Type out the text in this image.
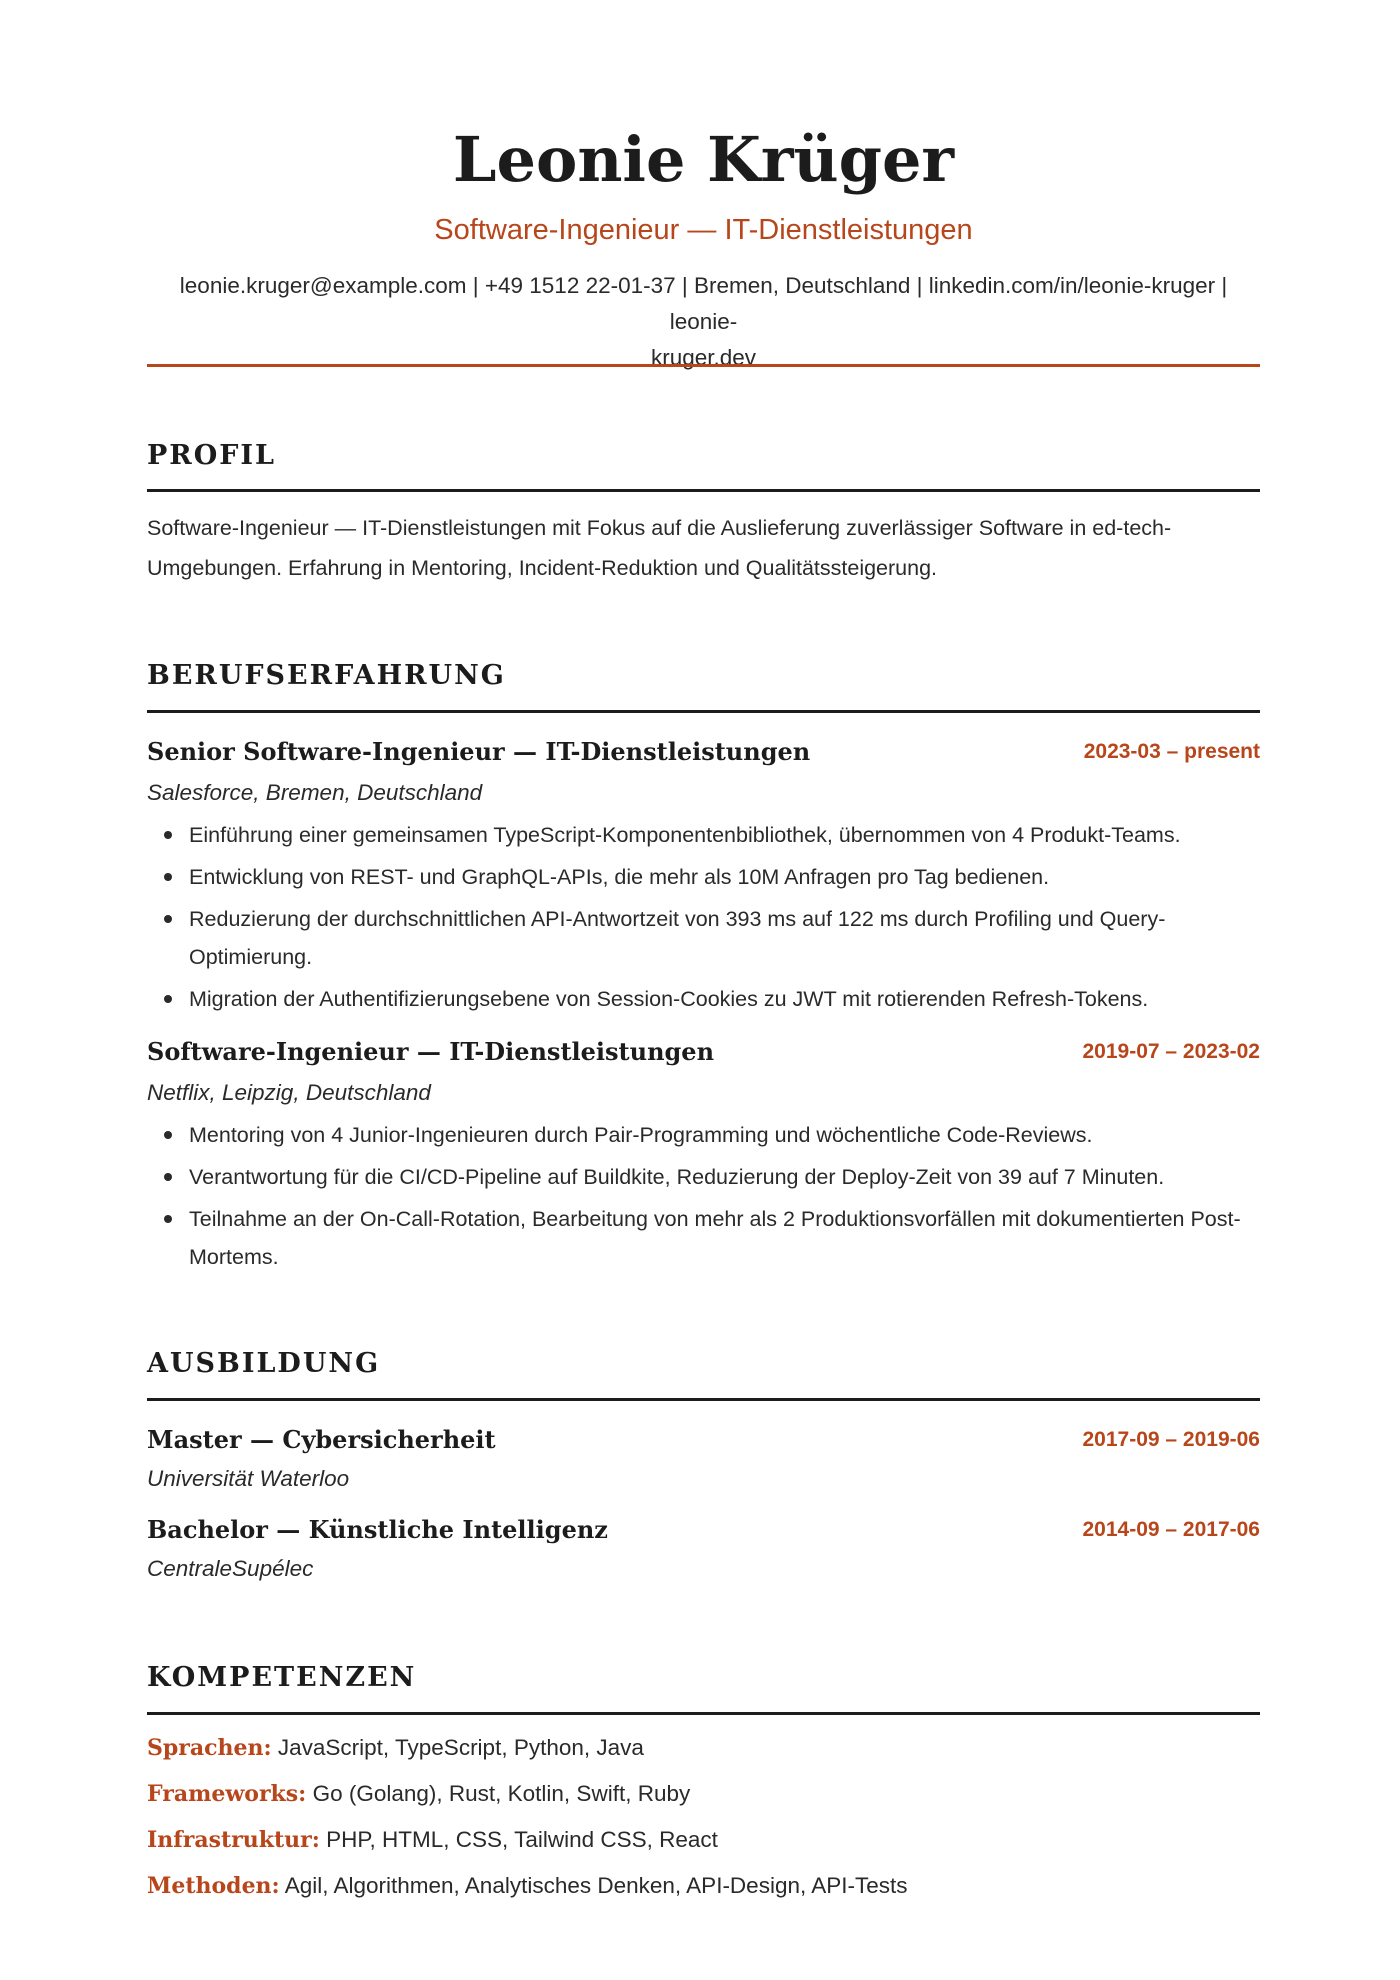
Leonie Krüger
Software-Ingenieur — IT-Dienstleistungen
leonie.kruger@example.com | +49 1512 22-01-37 | Bremen, Deutschland | linkedin.com/in/leonie-kruger | leonie-
kruger.dev
PROFIL
Software-Ingenieur — IT-Dienstleistungen mit Fokus auf die Auslieferung zuverlässiger Software in ed-tech-
Umgebungen. Erfahrung in Mentoring, Incident-Reduktion und Qualitätssteigerung.
BERUFSERFAHRUNG
Senior Software-Ingenieur — IT-Dienstleistungen	2023-03 – present
Salesforce, Bremen, Deutschland
Einführung einer gemeinsamen TypeScript-Komponentenbibliothek, übernommen von 4 Produkt-Teams.
Entwicklung von REST- und GraphQL-APIs, die mehr als 10M Anfragen pro Tag bedienen.
Reduzierung der durchschnittlichen API-Antwortzeit von 393 ms auf 122 ms durch Profiling und Query-Optimierung.
Migration der Authentifizierungsebene von Session-Cookies zu JWT mit rotierenden Refresh-Tokens.
Software-Ingenieur — IT-Dienstleistungen	2019-07 – 2023-02
Netflix, Leipzig, Deutschland
Mentoring von 4 Junior-Ingenieuren durch Pair-Programming und wöchentliche Code-Reviews.
Verantwortung für die CI/CD-Pipeline auf Buildkite, Reduzierung der Deploy-Zeit von 39 auf 7 Minuten.
Teilnahme an der On-Call-Rotation, Bearbeitung von mehr als 2 Produktionsvorfällen mit dokumentierten Post-Mortems.
AUSBILDUNG
Master — Cybersicherheit	2017-09 – 2019-06
Universität Waterloo
Bachelor — Künstliche Intelligenz	2014-09 – 2017-06
CentraleSupélec
KOMPETENZEN
Sprachen: JavaScript, TypeScript, Python, Java
Frameworks: Go (Golang), Rust, Kotlin, Swift, Ruby
Infrastruktur: PHP, HTML, CSS, Tailwind CSS, React
Methoden: Agil, Algorithmen, Analytisches Denken, API-Design, API-Tests
